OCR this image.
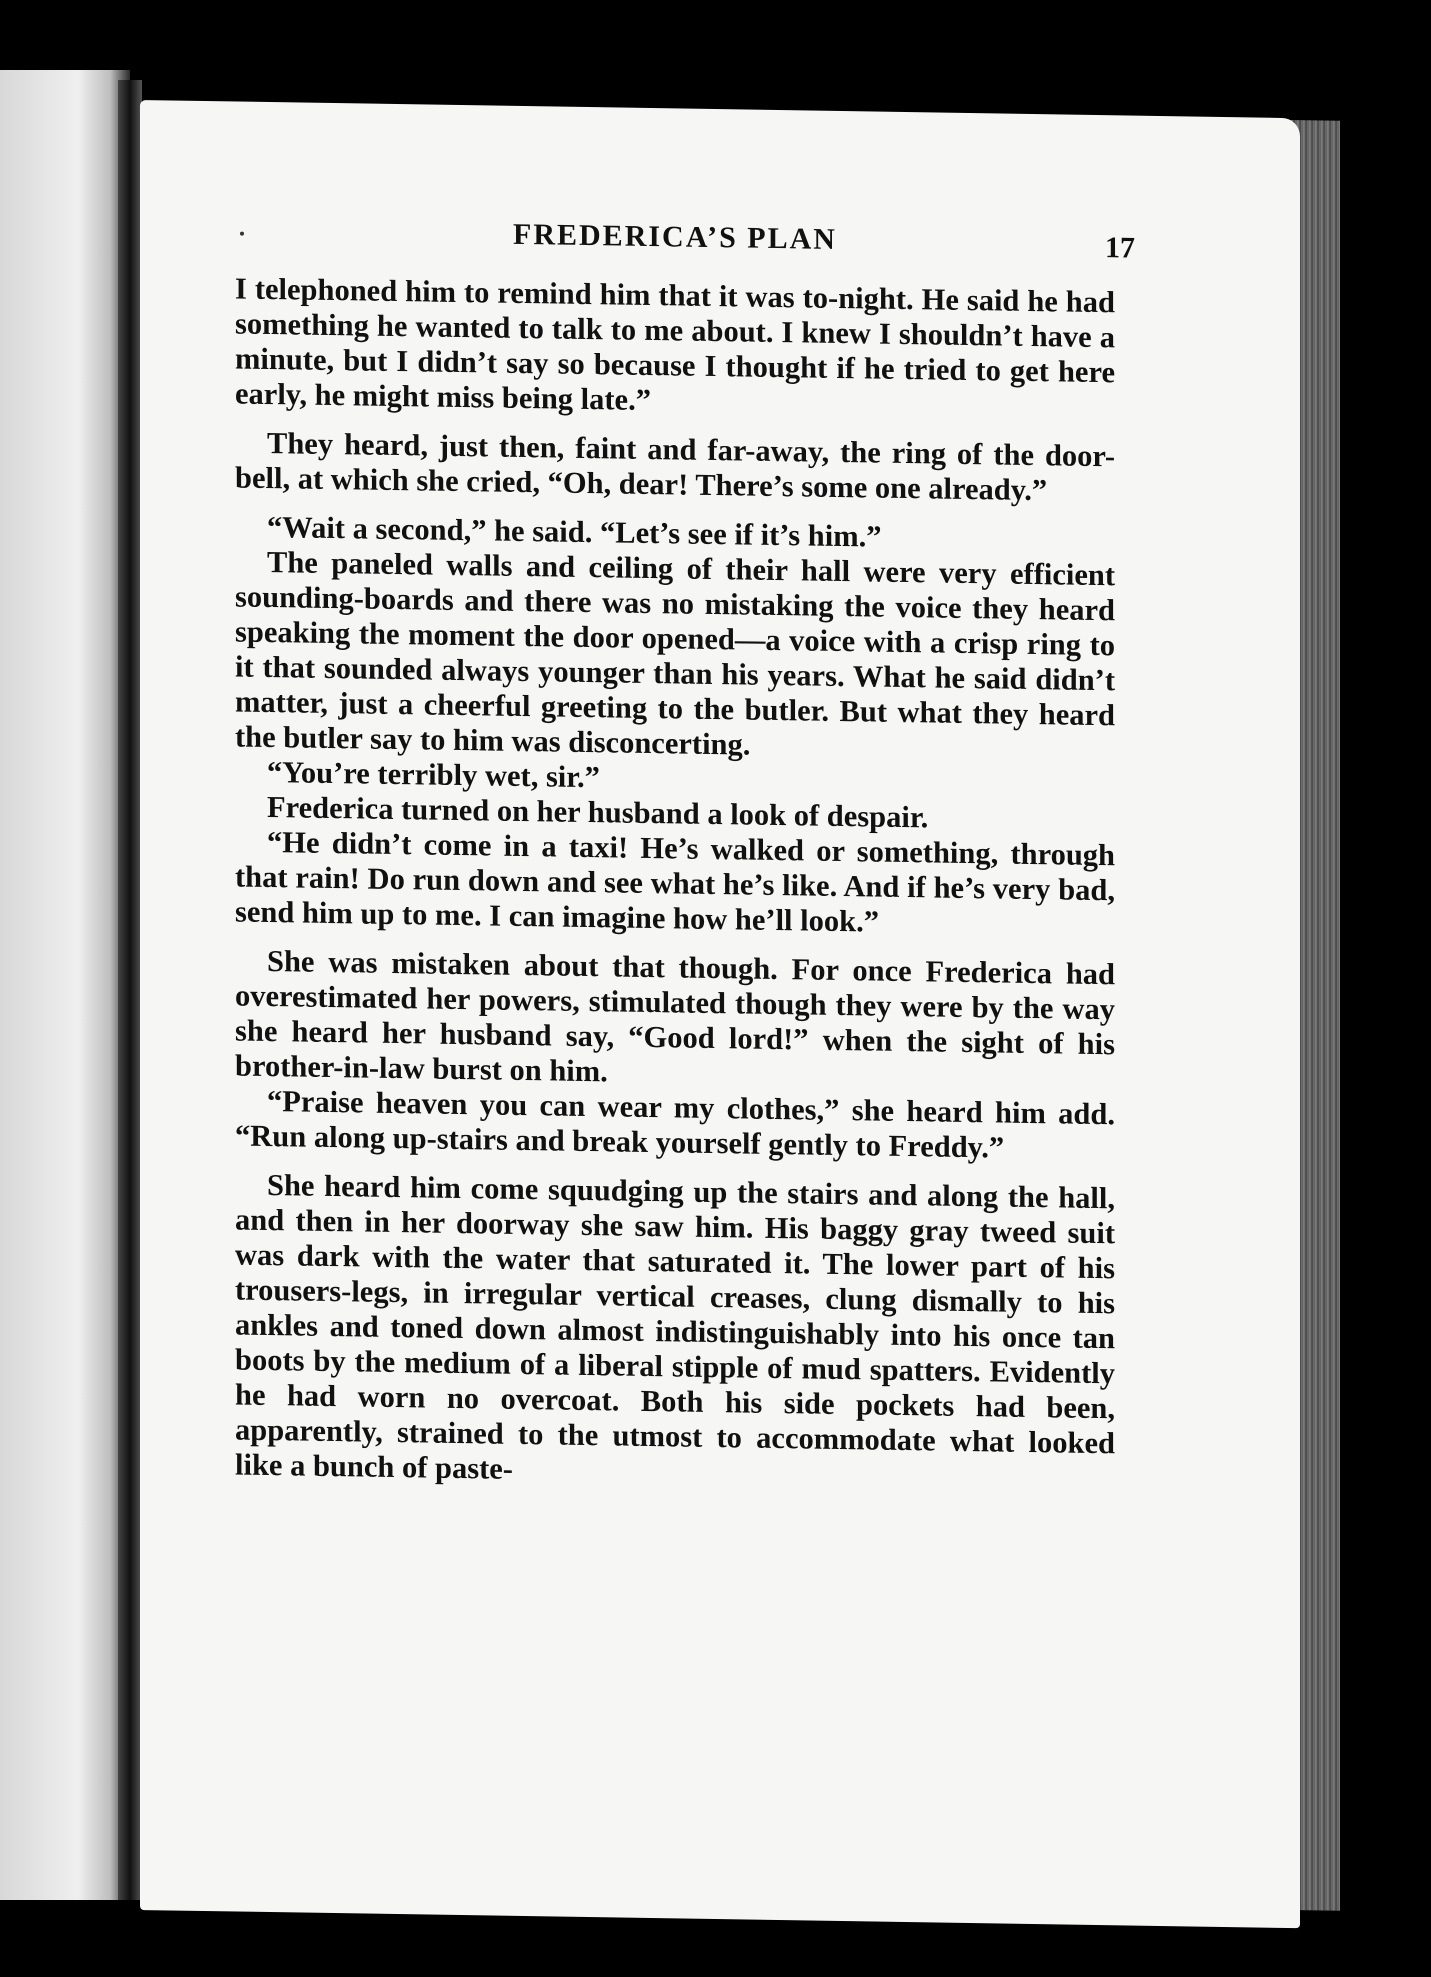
FREDERICA’S PLAN	17

I telephoned him to remind him that it was to-night. He said he had something he wanted to talk to me about. I knew I shouldn’t have a minute, but I didn’t say so because I thought if he tried to get here early, he might miss being late.”

They heard, just then, faint and far-away, the ring of the door-bell, at which she cried, “Oh, dear! There’s some one already.”

“Wait a second,” he said. “Let’s see if it’s him.”

The paneled walls and ceiling of their hall were very efficient sounding-boards and there was no mistaking the voice they heard speaking the moment the door opened—a voice with a crisp ring to it that sounded always younger than his years. What he said didn’t matter, just a cheerful greeting to the butler. But what they heard the butler say to him was disconcerting.

“You’re terribly wet, sir.”

Frederica turned on her husband a look of despair.

“He didn’t come in a taxi! He’s walked or something, through that rain! Do run down and see what he’s like. And if he’s very bad, send him up to me. I can imagine how he’ll look.”

She was mistaken about that though. For once Frederica had overestimated her powers, stimulated though they were by the way she heard her husband say, “Good lord!” when the sight of his brother-in-law burst on him.

“Praise heaven you can wear my clothes,” she heard him add. “Run along up-stairs and break yourself gently to Freddy.”

She heard him come squudging up the stairs and along the hall, and then in her doorway she saw him. His baggy gray tweed suit was dark with the water that saturated it. The lower part of his trousers-legs, in irregular vertical creases, clung dismally to his ankles and toned down almost indistinguishably into his once tan boots by the medium of a liberal stipple of mud spatters. Evidently he had worn no overcoat. Both his side pockets had been, apparently, strained to the utmost to accommodate what looked like a bunch of paste-
